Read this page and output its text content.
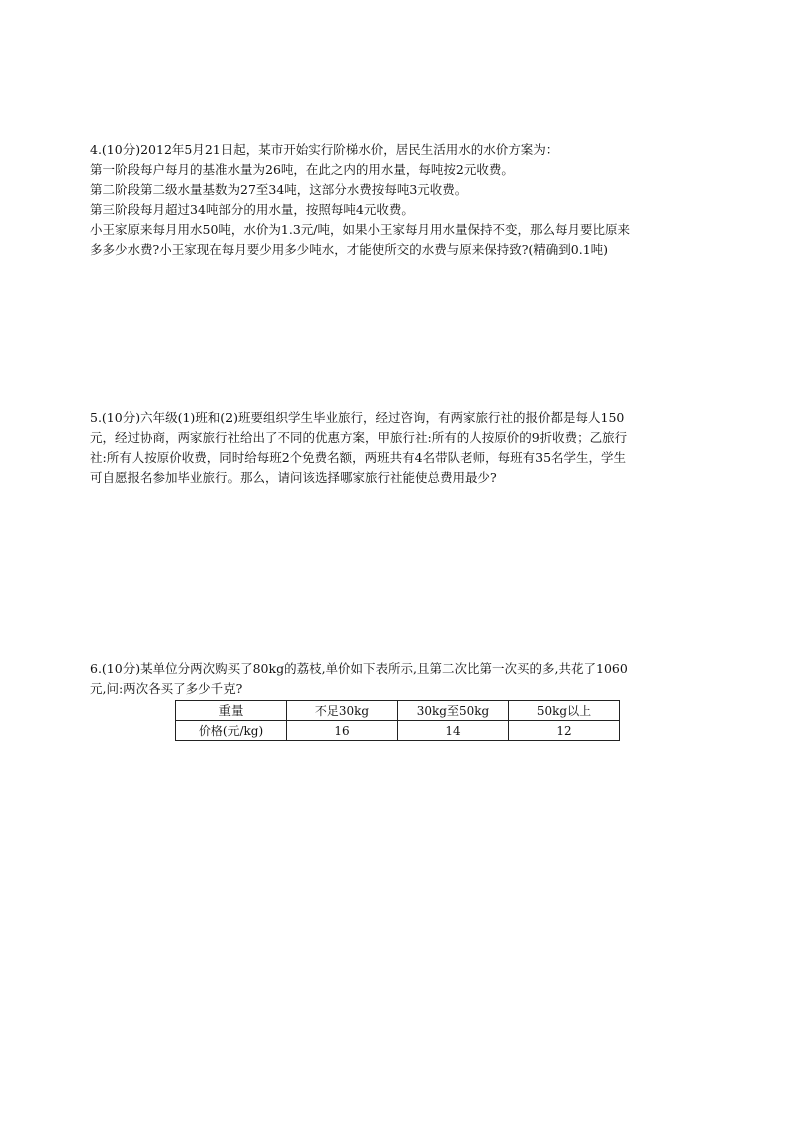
4.(10分)2012年5月21日起，某市开始实行阶梯水价，居民生活用水的水价方案为：

第一阶段每户每月的基准水量为26吨，在此之内的用水量，每吨按2元收费。

第二阶段第二级水量基数为27至34吨，这部分水费按每吨3元收费。

第三阶段每月超过34吨部分的用水量，按照每吨4元收费。

小王家原来每月用水50吨，水价为1.3元/吨，如果小王家每月用水量保持不变，那么每月要比原来

多多少水费?小王家现在每月要少用多少吨水，才能使所交的水费与原来保持致?(精确到0.1吨)

5.(10分)六年级(1)班和(2)班要组织学生毕业旅行，经过咨询，有两家旅行社的报价都是每人150

元，经过协商，两家旅行社给出了不同的优惠方案，甲旅行社:所有的人按原价的9折收费；乙旅行

社:所有人按原价收费，同时给每班2个免费名额，两班共有4名带队老师，每班有35名学生，学生

可自愿报名参加毕业旅行。那么，请问该选择哪家旅行社能使总费用最少?

6.(10分)某单位分两次购买了80kg的荔枝,单价如下表所示,且第二次比第一次买的多,共花了1060

元,问:两次各买了多少千克?

重量	不足30kg	30kg至50kg	50kg以上
价格(元/kg)	16	14	12
